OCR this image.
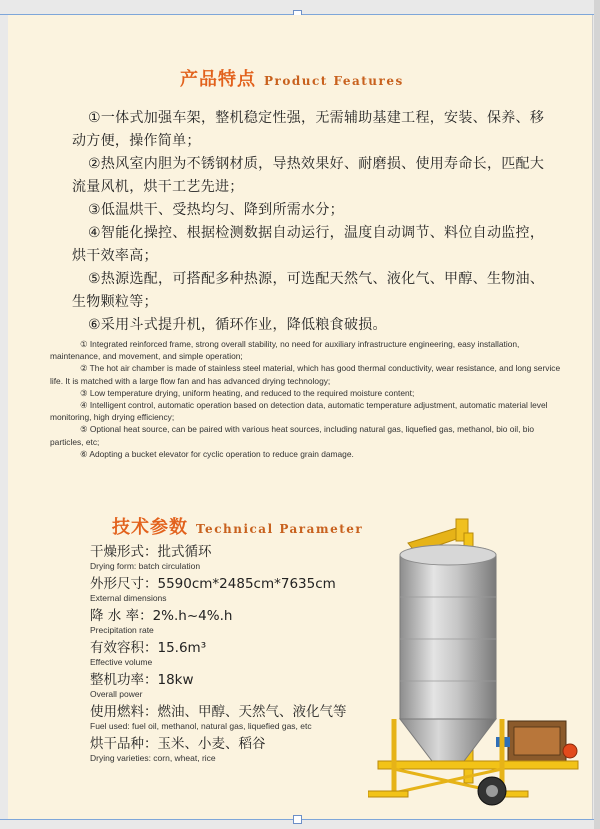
产品特点 Product Features
①一体式加强车架，整机稳定性强，无需辅助基建工程，安装、保养、移动方便，操作简单；
②热风室内胆为不锈钢材质，导热效果好、耐磨损、使用寿命长，匹配大流量风机，烘干工艺先进；
③低温烘干、受热均匀、降到所需水分；
④智能化操控、根据检测数据自动运行，温度自动调节、料位自动监控，烘干效率高；
⑤热源选配，可搭配多种热源，可选配天然气、液化气、甲醇、生物油、生物颗粒等；
⑥采用斗式提升机，循环作业，降低粮食破损。
① Integrated reinforced frame, strong overall stability, no need for auxiliary infrastructure engineering, easy installation, maintenance, and movement, and simple operation;
② The hot air chamber is made of stainless steel material, which has good thermal conductivity, wear resistance, and long service life. It is matched with a large flow fan and has advanced drying technology;
③ Low temperature drying, uniform heating, and reduced to the required moisture content;
④ Intelligent control, automatic operation based on detection data, automatic temperature adjustment, automatic material level monitoring, high drying efficiency;
⑤ Optional heat source, can be paired with various heat sources, including natural gas, liquefied gas, methanol, bio oil, bio particles, etc;
⑥ Adopting a bucket elevator for cyclic operation to reduce grain damage.
技术参数 Technical Parameter
干燥形式：批式循环
Drying form: batch circulation
外形尺寸：5590cm*2485cm*7635cm
External dimensions
降 水 率：2%.h~4%.h
Precipitation rate
有效容积：15.6m³
Effective volume
整机功率：18kw
Overall power
使用燃料：燃油、甲醇、天然气、液化气等
Fuel used: fuel oil, methanol, natural gas, liquefied gas, etc
烘干品种：玉米、小麦、稻谷
Drying varieties: corn, wheat, rice
